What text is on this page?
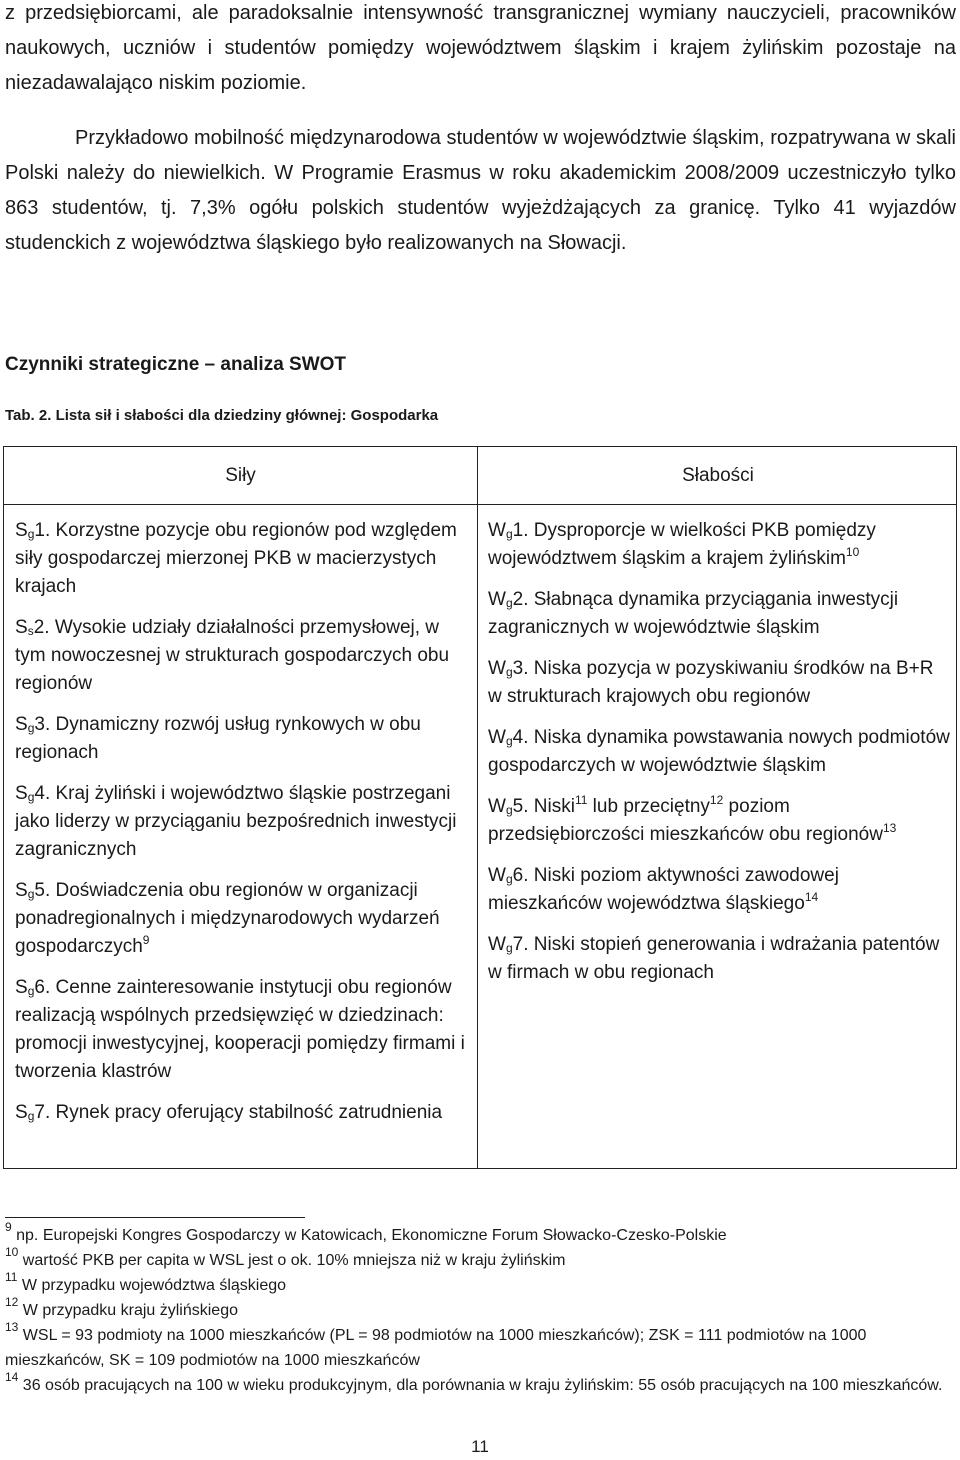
z przedsiębiorcami, ale paradoksalnie intensywność transgranicznej wymiany nauczycieli, pracowników naukowych, uczniów i studentów pomiędzy województwem śląskim i krajem żylińskim pozostaje na niezadawalająco niskim poziomie.

Przykładowo mobilność międzynarodowa studentów w województwie śląskim, rozpatrywana w skali Polski należy do niewielkich. W Programie Erasmus w roku akademickim 2008/2009 uczestniczyło tylko 863 studentów, tj. 7,3% ogółu polskich studentów wyjeżdżających za granicę. Tylko 41 wyjazdów studenckich z województwa śląskiego było realizowanych na Słowacji.

Czynniki strategiczne – analiza SWOT

Tab. 2. Lista sił i słabości dla dziedziny głównej: Gospodarka

Siły	Słabości

$S_g1$. Korzystne pozycje obu regionów pod względem siły gospodarczej mierzonej PKB w macierzystych krajach
$S_s2$. Wysokie udziały działalności przemysłowej, w tym nowoczesnej w strukturach gospodarczych obu regionów
$S_g3$. Dynamiczny rozwój usług rynkowych w obu regionach
$S_g4$. Kraj żyliński i województwo śląskie postrzegani jako liderzy w przyciąganiu bezpośrednich inwestycji zagranicznych
$S_g5$. Doświadczenia obu regionów w organizacji ponadregionalnych i międzynarodowych wydarzeń gospodarczych$^9$
$S_g6$. Cenne zainteresowanie instytucji obu regionów realizacją wspólnych przedsięwzięć w dziedzinach: promocji inwestycyjnej, kooperacji pomiędzy firmami i tworzenia klastrów
$S_g7$. Rynek pracy oferujący stabilność zatrudnienia
$W_g1$. Dysproporcje w wielkości PKB pomiędzy województwem śląskim a krajem żylińskim$^{10}$
$W_g2$. Słabnąca dynamika przyciągania inwestycji zagranicznych w województwie śląskim
$W_g3$. Niska pozycja w pozyskiwaniu środków na B+R w strukturach krajowych obu regionów
$W_g4$. Niska dynamika powstawania nowych podmiotów gospodarczych w województwie śląskim
$W_g5$. Niski$^{11}$ lub przeciętny$^{12}$ poziom przedsiębiorczości mieszkańców obu regionów$^{13}$
$W_g6$. Niski poziom aktywności zawodowej mieszkańców województwa śląskiego$^{14}$
$W_g7$. Niski stopień generowania i wdrażania patentów w firmach w obu regionach

$^9$ np. Europejski Kongres Gospodarczy w Katowicach, Ekonomiczne Forum Słowacko-Czesko-Polskie

$^{10}$ wartość PKB per capita w WSL jest o ok. 10% mniejsza niż w kraju żylińskim

$^{11}$ W przypadku województwa śląskiego

$^{12}$ W przypadku kraju żylińskiego

$^{13}$ WSL = 93 podmioty na 1000 mieszkańców (PL = 98 podmiotów na 1000 mieszkańców); ZSK = 111 podmiotów na 1000 mieszkańców, SK = 109 podmiotów na 1000 mieszkańców

$^{14}$ 36 osób pracujących na 100 w wieku produkcyjnym, dla porównania w kraju żylińskim: 55 osób pracujących na 100 mieszkańców.

11
